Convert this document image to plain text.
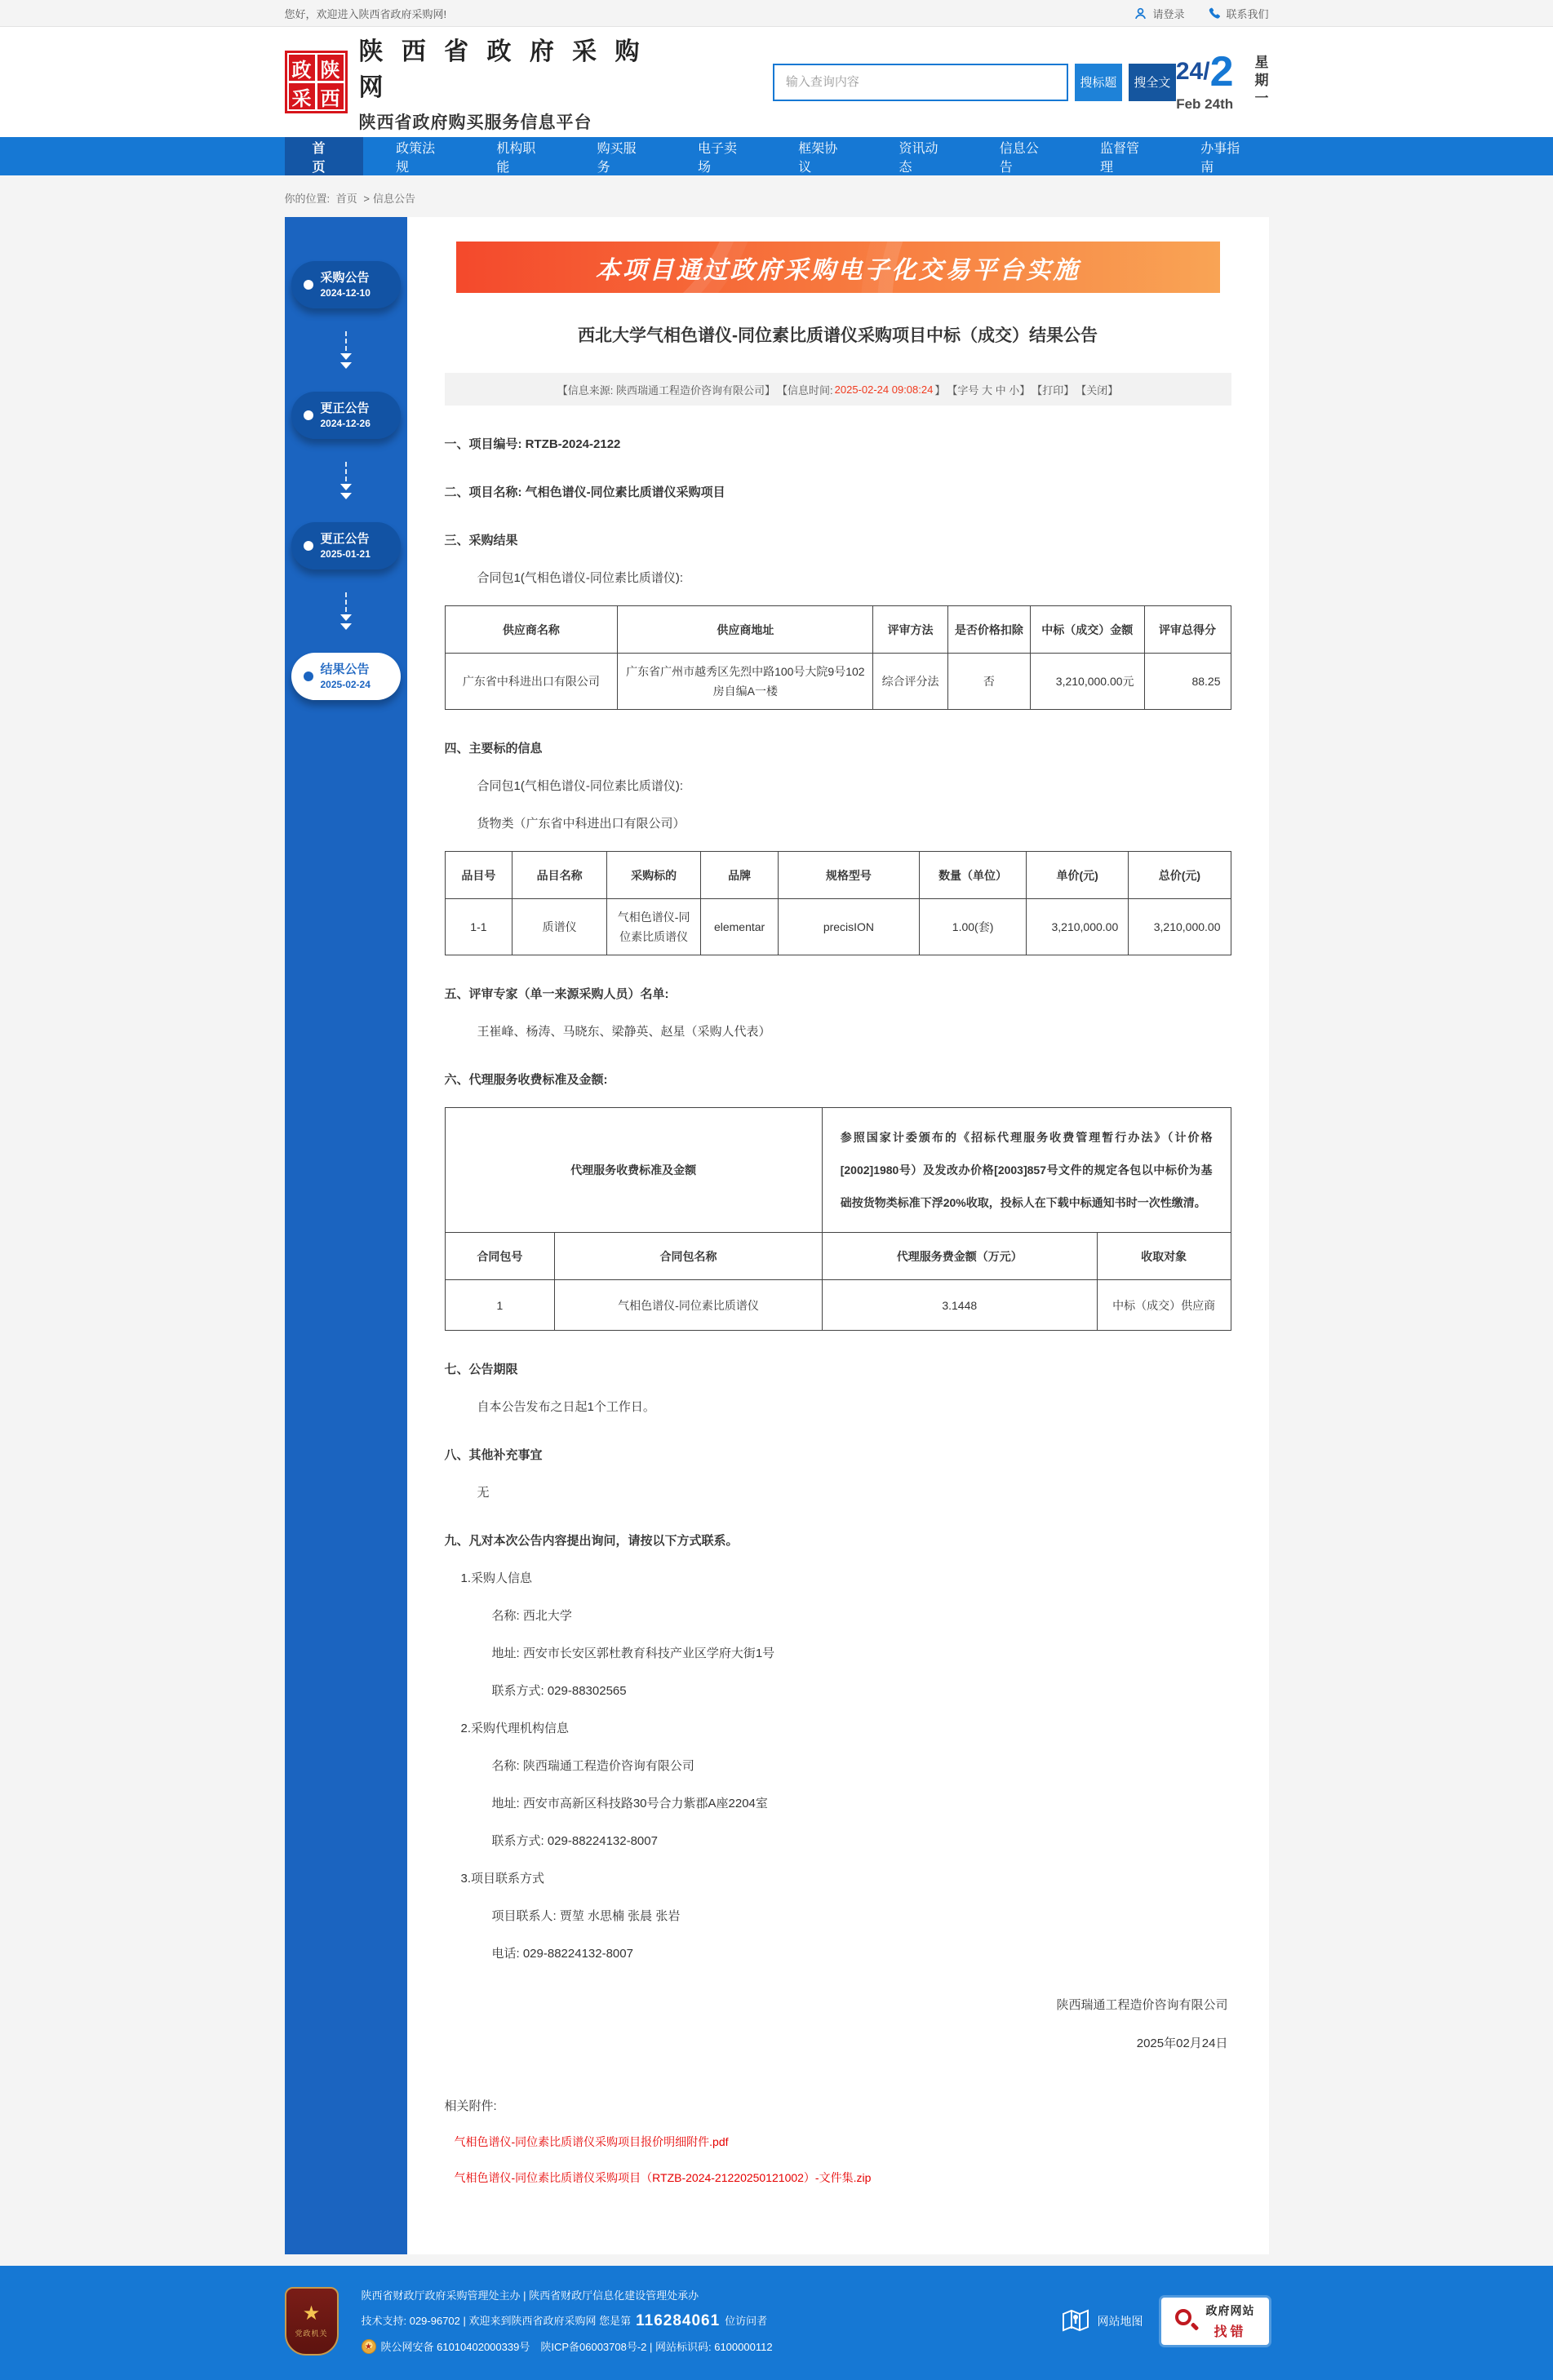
您好，欢迎进入陕西省政府采购网!	请登录	联系我们
政 陕
采 西
陕 西 省 政 府 采 购 网
陕西省政府购买服务信息平台
输入查询内容
搜标题	搜全文 24/2
Feb 24th
星
期
一
首页
政策法规
机构职能
购买服务
电子卖场
框架协议
资讯动态
信息公告
监督管理
办事指南
你的位置: 首页 > 信息公告
采购公告
2024-12-10
更正公告
2024-12-26
更正公告
2025-01-21
结果公告
2025-02-24
本项目通过政府采购电子化交易平台实施
西北大学气相色谱仪-同位素比质谱仪采购项目中标（成交）结果公告
【信息来源: 陕西瑞通工程造价咨询有限公司】 【信息时间: 2025-02-24 09:08:24 】 【字号 大 中 小】 【打印】 【关闭】
一、项目编号: RTZB-2024-2122
二、项目名称: 气相色谱仪-同位素比质谱仪采购项目
三、采购结果
合同包1(气相色谱仪-同位素比质谱仪):
供应商名称	供应商地址	评审方法	是否价格扣除	中标（成交）金额	评审总得分
广东省中科进出口有限公司	广东省广州市越秀区先烈中路100号大院9号102房自编A一楼	综合评分法	否	3,210,000.00元	88.25
四、主要标的信息
合同包1(气相色谱仪-同位素比质谱仪):
货物类（广东省中科进出口有限公司）
品目号	品目名称	采购标的	品牌	规格型号	数量（单位）	单价(元)	总价(元)
1-1	质谱仪	气相色谱仪-同位素比质谱仪	elementar	precisION	1.00(套)	3,210,000.00	3,210,000.00
五、评审专家（单一来源采购人员）名单:
王崔峰、杨涛、马晓东、梁静英、赵星（采购人代表）
六、代理服务收费标准及金额:
代理服务收费标准及金额		参照国家计委颁布的《招标代理服务收费管理暂行办法》（计价格[2002]1980号）及发改办价格[2003]857号文件的规定各包以中标价为基础按货物类标准下浮20%收取，投标人在下载中标通知书时一次性缴清。	
合同包号	合同包名称	代理服务费金额（万元）	收取对象
1	气相色谱仪-同位素比质谱仪	3.1448	中标（成交）供应商
七、公告期限
自本公告发布之日起1个工作日。
八、其他补充事宜
无
九、凡对本次公告内容提出询问，请按以下方式联系。
1.采购人信息
名称: 西北大学
地址: 西安市长安区郭杜教育科技产业区学府大街1号
联系方式: 029-88302565
2.采购代理机构信息
名称: 陕西瑞通工程造价咨询有限公司
地址: 西安市高新区科技路30号合力紫郡A座2204室
联系方式: 029-88224132-8007
3.项目联系方式
项目联系人: 贾堃 水思楠 张晨 张岩
电话: 029-88224132-8007
陕西瑞通工程造价咨询有限公司
2025年02月24日
相关附件:
气相色谱仪-同位素比质谱仪采购项目报价明细附件.pdf
气相色谱仪-同位素比质谱仪采购项目（RTZB-2024-21220250121002）-文件集.zip
★
党政机关
陕西省财政厅政府采购管理处主办 | 陕西省财政厅信息化建设管理处承办
技术支持: 029-96702 | 欢迎来到陕西省政府采购网 您是第 116284061 位访问者
★ 陕公网安备 61010402000339号　陕ICP备06003708号-2 | 网站标识码: 6100000112
网站地图
政府网站
找错
